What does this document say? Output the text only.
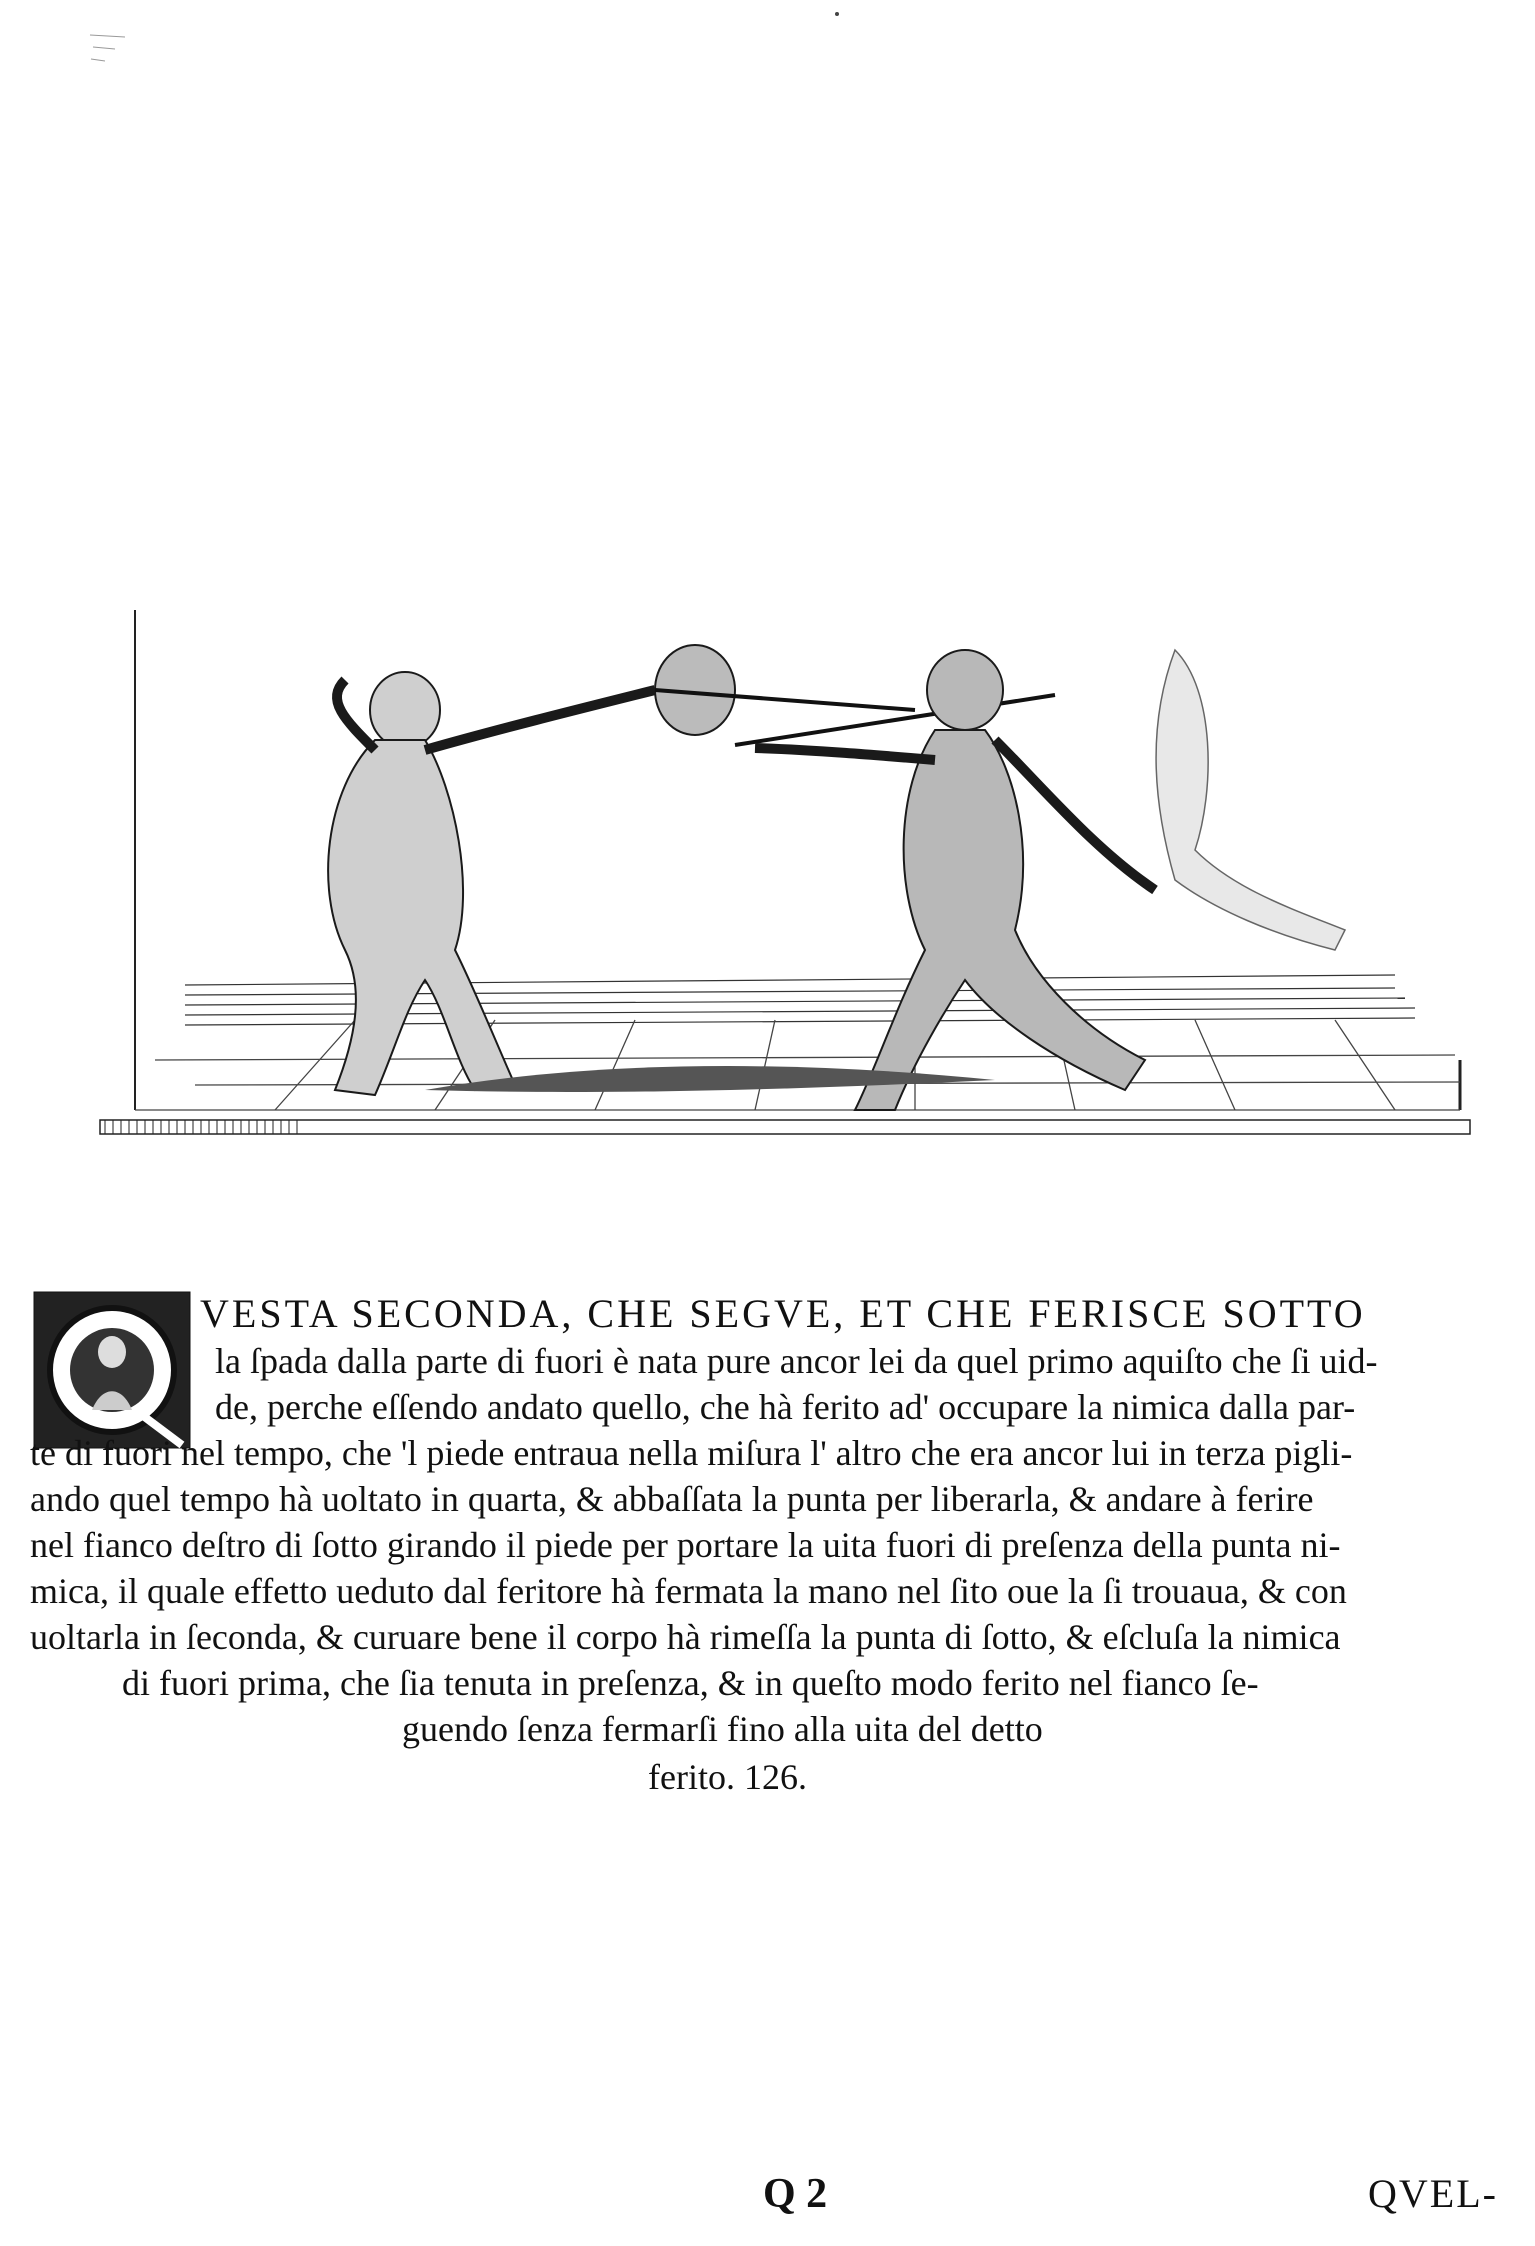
VESTA SECONDA, CHE SEGVE, ET CHE FERISCE SOTTO
la ſpada dalla parte di fuori è nata pure ancor lei da quel primo aquiſto che ſi uid-
de, perche eſſendo andato quello, che hà ferito ad' occupare la nimica dalla par-
te di fuori nel tempo, che 'l piede entraua nella miſura l' altro che era ancor lui in terza pigli-
ando quel tempo hà uoltato in quarta, & abbaſſata la punta per liberarla, & andare à ferire
nel fianco deſtro di ſotto girando il piede per portare la uita fuori di preſenza della punta ni-
mica, il quale effetto ueduto dal feritore hà fermata la mano nel ſito oue la ſi trouaua, & con
uoltarla in ſeconda, & curuare bene il corpo hà rimeſſa la punta di ſotto, & eſcluſa la nimica
di fuori prima, che ſia tenuta in preſenza, & in queſto modo ferito nel fianco ſe-
guendo ſenza fermarſi fino alla uita del detto
ferito. 126.
Q 2	QVEL-
